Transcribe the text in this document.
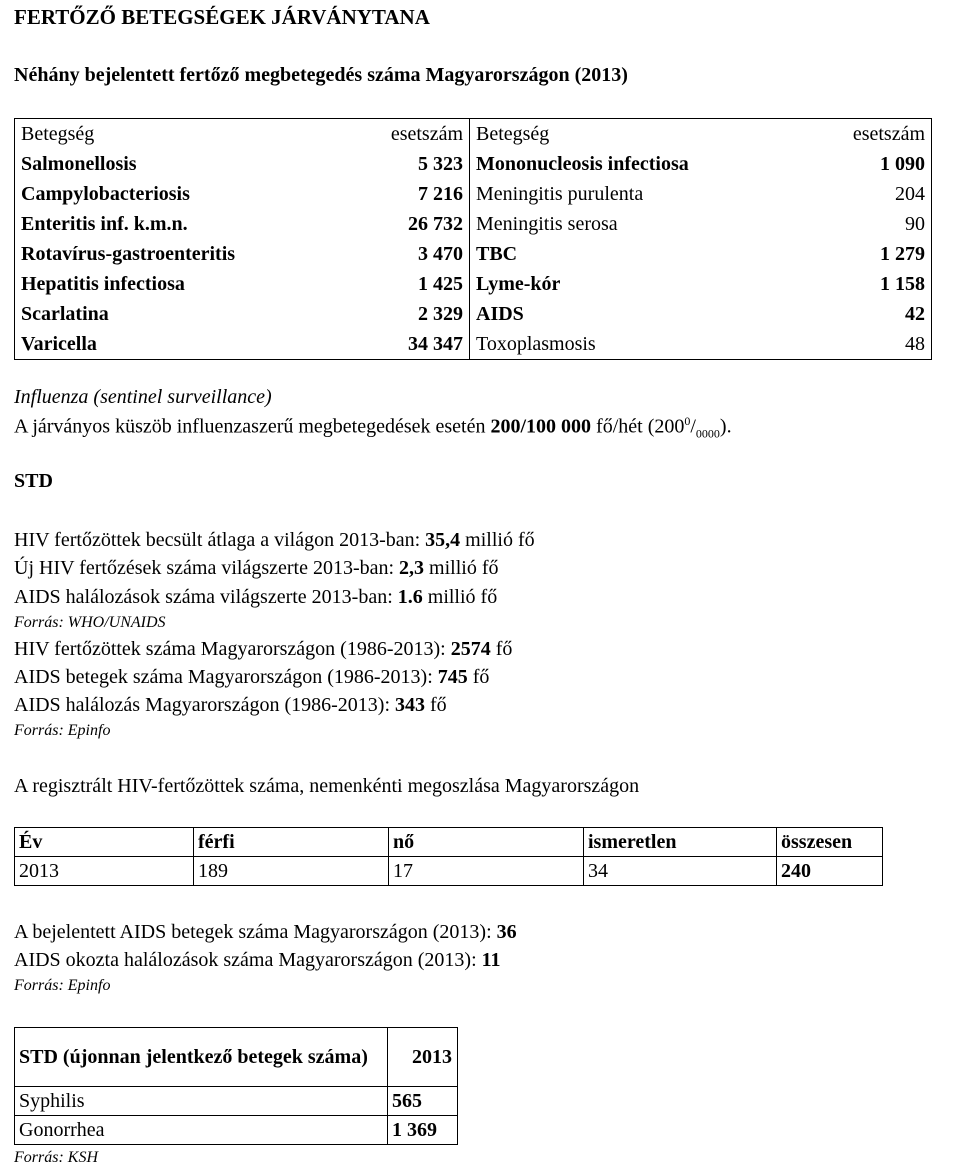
FERTŐZŐ BETEGSÉGEK JÁRVÁNYTANA
Néhány bejelentett fertőző megbetegedés száma Magyarországon (2013)
Betegség	esetszám	Betegség	esetszám
Salmonellosis	5 323	Mononucleosis infectiosa	1 090
Campylobacteriosis	7 216	Meningitis purulenta	204
Enteritis inf. k.m.n.	26 732	Meningitis serosa	90
Rotavírus-gastroenteritis	3 470	TBC	1 279
Hepatitis infectiosa	1 425	Lyme-kór	1 158
Scarlatina	2 329	AIDS	42
Varicella	34 347	Toxoplasmosis	48
Influenza (sentinel surveillance)
A járványos küszöb influenzaszerű megbetegedések esetén 200/100 000 fő/hét $(200^0/_{0000})$.
STD
HIV fertőzöttek becsült átlaga a világon 2013-ban: 35,4 millió fő
Új HIV fertőzések száma világszerte 2013-ban: 2,3 millió fő
AIDS halálozások száma világszerte 2013-ban: 1.6 millió fő
Forrás: WHO/UNAIDS
HIV fertőzöttek száma Magyarországon (1986-2013): 2574 fő
AIDS betegek száma Magyarországon (1986-2013): 745 fő
AIDS halálozás Magyarországon (1986-2013): 343 fő
Forrás: Epinfo
A regisztrált HIV-fertőzöttek száma, nemenkénti megoszlása Magyarországon
Év	férfi	nő	ismeretlen	összesen
2013	189	17	34	240
A bejelentett AIDS betegek száma Magyarországon (2013): 36
AIDS okozta halálozások száma Magyarországon (2013): 11
Forrás: Epinfo
STD (újonnan jelentkező betegek száma)	2013
Syphilis	565
Gonorrhea	1 369
Forrás: KSH
